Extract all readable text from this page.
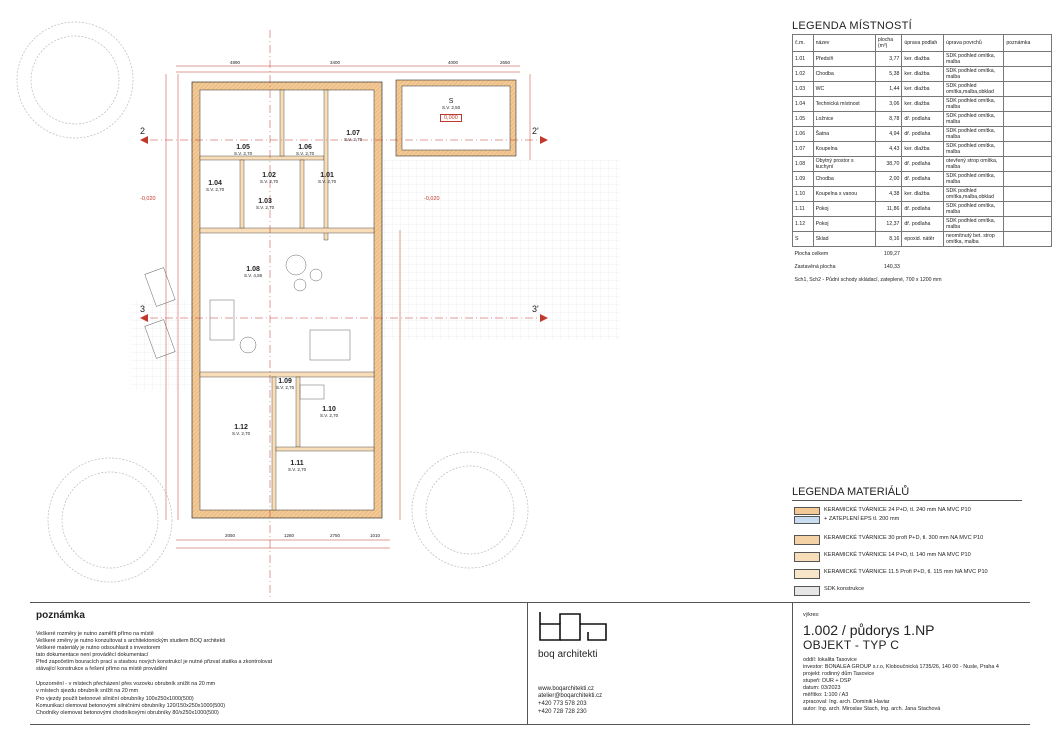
2	2'
3	3'
-0,020	-0,020
0,000
4890	3400	4000	2650
2050	1280	2750	1010
1.05
S.V. 2,70
1.06
S.V. 2,70
1.07
S.V. 2,70
1.04
S.V. 2,70
1.02
S.V. 2,70
1.01
S.V. 2,70
1.03
S.V. 2,70
1.08
S.V. 4,55
1.09
S.V. 2,70
1.10
S.V. 2,70
1.12
S.V. 2,70
1.11
S.V. 2,70
S
S.V. 2,50
LEGENDA MÍSTNOSTÍ
č.m.	název	plocha (m²)	úprava podlah	úprava povrchů	poznámka
1.01	Předsíň	3,77	ker. dlažba	SDK podhled omítka, malba	
1.02	Chodba	5,38	ker. dlažba	SDK podhled omítka, malba	
1.03	WC	1,44	ker. dlažba	SDK podhled omítka,malba,obklad	
1.04	Technická místnost	3,06	ker. dlažba	SDK podhled omítka, malba	
1.05	Ložnice	8,78	dř. podlaha	SDK podhled omítka, malba	
1.06	Šatna	4,94	dř. podlaha	SDK podhled omítka, malba	
1.07	Koupelna	4,43	ker. dlažba	SDK podhled omítka, malba	
1.08	Obytný prostor s kuchyní	38,70	dř. podlaha	otevřený strop omítka, malba	
1.09	Chodba	2,00	dř. podlaha	SDK podhled omítka, malba	
1.10	Koupelna s vanou	4,38	ker. dlažba	SDK podhled omítka,malba,obklad	
1.11	Pokoj	11,86	dř. podlaha	SDK podhled omítka, malba	
1.12	Pokoj	12,37	dř. podlaha	SDK podhled omítka, malba	
S	Sklad	8,16	epoxid. nátěr	neomítnutý bet. strop omítka, malba	
Plocha celkem		109,27			
Zastavěná plocha		140,33			
Sch1, Sch2 - Půdní schody skládací, zateplené, 700 x 1200 mm					
LEGENDA MATERIÁLŮ
KERAMICKÉ TVÁRNICE 24 P+D, tl. 240 mm NA MVC P10
+ ZATEPLENÍ EPS tl. 200 mm
KERAMICKÉ TVÁRNICE 30 profi P+D, tl. 300 mm NA MVC P10
KERAMICKÉ TVÁRNICE 14 P+D, tl. 140 mm NA MVC P10
KERAMICKÉ TVÁRNICE 11.5 Profi P+D, tl. 115 mm NA MVC P10
SDK konstrukce
poznámka
Veškeré rozměry je nutno zaměřit přímo na místě
Veškeré změny je nutno konzultovat s architektonickým studiem BOQ architekti
Veškeré materiály je nutno odsouhlasit s investorem
tato dokumentace není prováděcí dokumentací
Před započetím bouracích prací a stavbou nových konstrukcí je nutné přizvat statika a zkontrolovat
stávající konstrukce a řešení přímo na místě provádění
Upozornění - v místech přecházení přes vozovku obrubník snížit na 20 mm
v místech sjezdu obrubník snížit na 20 mm
Pro vjezdy použít betonové silniční obrubníky 100x250x1000(500)
Komunikaci olemovat betonovými silničními obrubníky 120/150x250x1000(500)
Chodníky olemovat betonovými chodníkovými obrubníky 80/x250x1000(500)
boq architekti
www.boqarchitekti.cz
atelier@boqarchitekti.cz
+420 773 578 203
+420 728 728 230
výkres:
1.002 / půdorys 1.NP
OBJEKT - TYP C
oddíl: lokalita Tasovice
investor: BONALEA GROUP s.r.o, Kloboučnická 1735/26, 140 00 - Nusle, Praha 4
projekt: rodinný dům Tasovice
stupeň: DUR + DSP
datum: 03/2023
měřítko: 1:100 / A3
zpracoval: Ing. arch. Dominik Haviar
autor: Ing. arch. Miroslav Stach, Ing. arch. Jana Stachová
